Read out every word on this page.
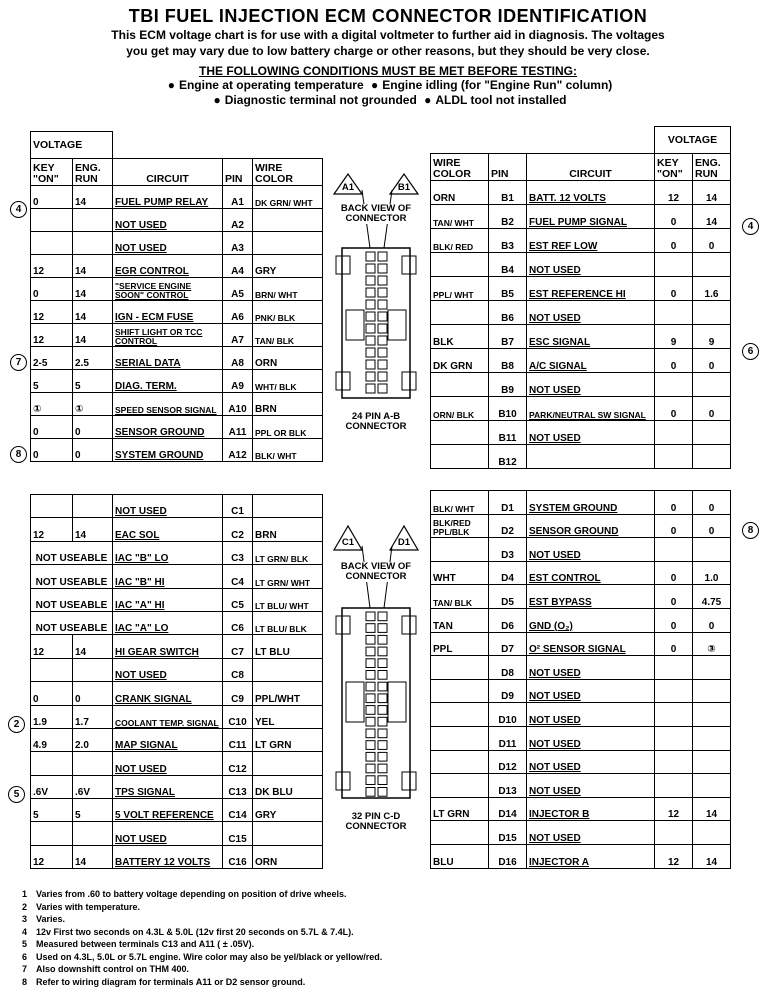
TBI FUEL INJECTION ECM CONNECTOR IDENTIFICATION
This ECM voltage chart is for use with a digital voltmeter to further aid in diagnosis. The voltages
you get may vary due to low battery charge or other reasons, but they should be very close.
THE FOLLOWING CONDITIONS MUST BE MET BEFORE TESTING:
● Engine at operating temperature ● Engine idling (for "Engine Run" column)
● Diagnostic terminal not grounded ● ALDL tool not installed
VOLTAGE				
KEY "ON"	ENG. RUN	CIRCUIT	PIN	WIRE COLOR
0	14	FUEL PUMP RELAY	A1	DK GRN/ WHT
		NOT USED	A2	
		NOT USED	A3	
12	14	EGR CONTROL	A4	GRY
0	14	"SERVICE ENGINE SOON" CONTROL	A5	BRN/ WHT
12	14	IGN - ECM FUSE	A6	PNK/ BLK
12	14	SHIFT LIGHT OR TCC CONTROL	A7	TAN/ BLK
2-5	2.5	SERIAL DATA	A8	ORN
5	5	DIAG. TERM.	A9	WHT/ BLK
①	①	SPEED SENSOR SIGNAL	A10	BRN
0	0	SENSOR GROUND	A11	PPL OR BLK
0	0	SYSTEM GROUND	A12	BLK/ WHT
		NOT USED	C1	
12	14	EAC SOL	C2	BRN
NOT USEABLE		IAC "B" LO	C3	LT GRN/ BLK
NOT USEABLE		IAC "B" HI	C4	LT GRN/ WHT
NOT USEABLE		IAC "A" HI	C5	LT BLU/ WHT
NOT USEABLE		IAC "A" LO	C6	LT BLU/ BLK
12	14	HI GEAR SWITCH	C7	LT BLU
		NOT USED	C8	
0	0	CRANK SIGNAL	C9	PPL/WHT
1.9	1.7	COOLANT TEMP. SIGNAL	C10	YEL
4.9	2.0	MAP SIGNAL	C11	LT GRN
		NOT USED	C12	
.6V	.6V	TPS SIGNAL	C13	DK BLU
5	5	5 VOLT REFERENCE	C14	GRY
		NOT USED	C15	
12	14	BATTERY 12 VOLTS	C16	ORN
			VOLTAGE	
WIRE COLOR	PIN	CIRCUIT	KEY "ON"	ENG. RUN
ORN	B1	BATT. 12 VOLTS	12	14
TAN/ WHT	B2	FUEL PUMP SIGNAL	0	14
BLK/ RED	B3	EST REF LOW	0	0
	B4	NOT USED		
PPL/ WHT	B5	EST REFERENCE HI	0	1.6
	B6	NOT USED		
BLK	B7	ESC SIGNAL	9	9
DK GRN	B8	A/C SIGNAL	0	0
	B9	NOT USED		
ORN/ BLK	B10	PARK/NEUTRAL SW SIGNAL	0	0
	B11	NOT USED		
	B12			
BLK/ WHT	D1	SYSTEM GROUND	0	0
BLK/RED PPL/BLK	D2	SENSOR GROUND	0	0
	D3	NOT USED		
WHT	D4	EST CONTROL	0	1.0
TAN/ BLK	D5	EST BYPASS	0	4.75
TAN	D6	GND (O₂)	0	0
PPL	D7	O² SENSOR SIGNAL	0	③
	D8	NOT USED		
	D9	NOT USED		
	D10	NOT USED		
	D11	NOT USED		
	D12	NOT USED		
	D13	NOT USED		
LT GRN	D14	INJECTOR B	12	14
	D15	NOT USED		
BLU	D16	INJECTOR A	12	14
4
7
8
2
5
4
6
8
A1	B1
BACK VIEW OF CONNECTOR
24 PIN A-B CONNECTOR
C1	D1
BACK VIEW OF CONNECTOR
32 PIN C-D CONNECTOR
1 Varies from .60 to battery voltage depending on position of drive wheels.
2 Varies with temperature.
3 Varies.
4 12v First two seconds on 4.3L & 5.0L (12v first 20 seconds on 5.7L & 7.4L).
5 Measured between terminals C13 and A11 ( ± .05V).
6 Used on 4.3L, 5.0L or 5.7L engine. Wire color may also be yel/black or yellow/red.
7 Also downshift control on THM 400.
8 Refer to wiring diagram for terminals A11 or D2 sensor ground.
